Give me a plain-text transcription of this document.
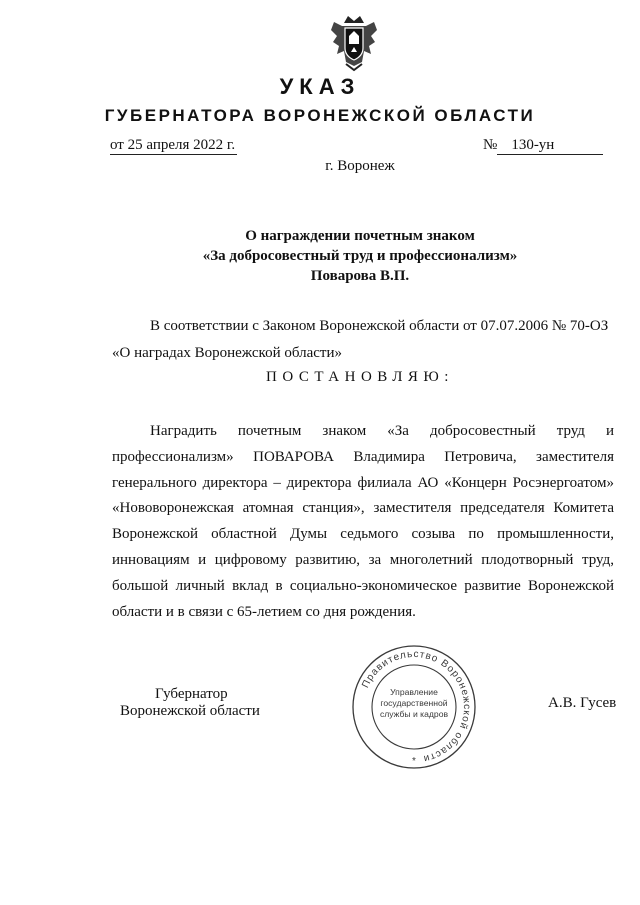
УКАЗ
ГУБЕРНАТОРА ВОРОНЕЖСКОЙ ОБЛАСТИ
от 25 апреля 2022 г.	№ 130-ун
г. Воронеж
О награждении почетным знаком
«За добросовестный труд и профессионализм»
Поварова В.П.
В соответствии с Законом Воронежской области от 07.07.2006 № 70-ОЗ
«О наградах Воронежской области»
ПОСТАНОВЛЯЮ:
Наградить почетным знаком «За добросовестный труд и
профессионализм» ПОВАРОВА Владимира Петровича, заместителя
генерального директора – директора филиала АО «Концерн Росэнергоатом»
«Нововоронежская атомная станция», заместителя председателя Комитета
Воронежской областной Думы седьмого созыва по промышленности,
инновациям и цифровому развитию, за многолетний плодотворный труд,
большой личный вклад в социально-экономическое развитие Воронежской
области и в связи с 65-летием со дня рождения.
Губернатор
Воронежской области	А.В. Гусев
Правительство Воронежской области
Управление
государственной
службы и кадров
*
